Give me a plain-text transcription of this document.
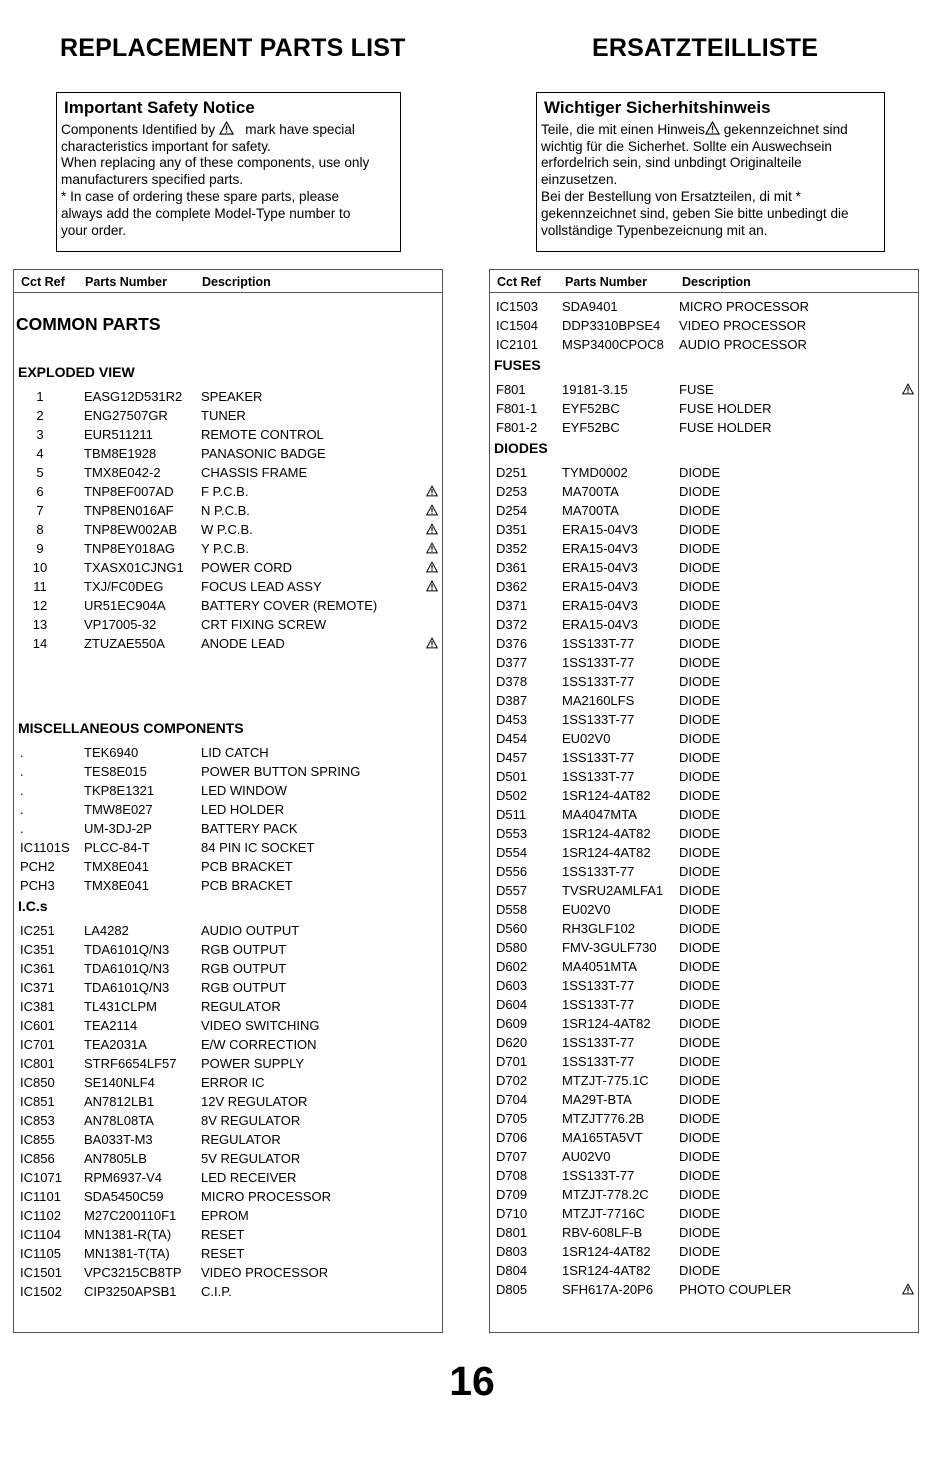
REPLACEMENT PARTS LIST	ERSATZTEILLISTE
Important Safety Notice
Components Identified by mark have special
characteristics important for safety.
When replacing any of these components, use only
manufacturers specified parts.
* In case of ordering these spare parts, please
always add the complete Model-Type number to
your order.
Wichtiger Sicherhitshinweis
Teile, die mit einen Hinweis gekennzeichnet sind
wichtig für die Sicherhet. Sollte ein Auswechsein
erfordelrich sein, sind unbdingt Originalteile
einzusetzen.
Bei der Bestellung von Ersatzteilen, di mit *
gekennzeichnet sind, geben Sie bitte unbedingt die
vollständige Typenbezeicnung mit an.
Cct Ref Parts Number	Description
COMMON PARTS
EXPLODED VIEW
1	EASG12D531R2 SPEAKER
2	ENG27507GR	TUNER
3	EUR511211	REMOTE CONTROL
4	TBM8E1928	PANASONIC BADGE
5	TMX8E042-2	CHASSIS FRAME
6	TNP8EF007AD F P.C.B.
7	TNP8EN016AF N P.C.B.
8	TNP8EW002AB W P.C.B.
9	TNP8EY018AG Y P.C.B.
10	TXASX01CJNG1 POWER CORD
11	TXJ/FC0DEG	FOCUS LEAD ASSY
12	UR51EC904A	BATTERY COVER (REMOTE)
13	VP17005-32	CRT FIXING SCREW
14	ZTUZAE550A	ANODE LEAD
MISCELLANEOUS COMPONENTS
.	TEK6940	LID CATCH
.	TES8E015	POWER BUTTON SPRING
.	TKP8E1321	LED WINDOW
.	TMW8E027	LED HOLDER
.	UM-3DJ-2P	BATTERY PACK
IC1101S PLCC-84-T	84 PIN IC SOCKET
PCH2 TMX8E041	PCB BRACKET
PCH3 TMX8E041	PCB BRACKET
I.C.s
IC251 LA4282	AUDIO OUTPUT
IC351 TDA6101Q/N3 RGB OUTPUT
IC361 TDA6101Q/N3 RGB OUTPUT
IC371 TDA6101Q/N3 RGB OUTPUT
IC381 TL431CLPM	REGULATOR
IC601 TEA2114	VIDEO SWITCHING
IC701 TEA2031A	E/W CORRECTION
IC801 STRF6654LF57 POWER SUPPLY
IC850 SE140NLF4	ERROR IC
IC851 AN7812LB1	12V REGULATOR
IC853 AN78L08TA	8V REGULATOR
IC855 BA033T-M3	REGULATOR
IC856 AN7805LB	5V REGULATOR
IC1071 RPM6937-V4	LED RECEIVER
IC1101 SDA5450C59	MICRO PROCESSOR
IC1102 M27C200110F1 EPROM
IC1104 MN1381-R(TA) RESET
IC1105 MN1381-T(TA) RESET
IC1501 VPC3215CB8TP VIDEO PROCESSOR
IC1502 CIP3250APSB1 C.I.P.
Cct Ref Parts Number	Description
IC1503 SDA9401	MICRO PROCESSOR
IC1504 DDP3310BPSE4 VIDEO PROCESSOR
IC2101 MSP3400CPOC8 AUDIO PROCESSOR
FUSES
F801	19181-3.15	FUSE
F801-1 EYF52BC	FUSE HOLDER
F801-2 EYF52BC	FUSE HOLDER
DIODES
D251	TYMD0002	DIODE
D253	MA700TA	DIODE
D254	MA700TA	DIODE
D351	ERA15-04V3	DIODE
D352	ERA15-04V3	DIODE
D361	ERA15-04V3	DIODE
D362	ERA15-04V3	DIODE
D371	ERA15-04V3	DIODE
D372	ERA15-04V3	DIODE
D376	1SS133T-77	DIODE
D377	1SS133T-77	DIODE
D378	1SS133T-77	DIODE
D387	MA2160LFS	DIODE
D453	1SS133T-77	DIODE
D454	EU02V0	DIODE
D457	1SS133T-77	DIODE
D501	1SS133T-77	DIODE
D502	1SR124-4AT82 DIODE
D511	MA4047MTA	DIODE
D553	1SR124-4AT82 DIODE
D554	1SR124-4AT82 DIODE
D556	1SS133T-77	DIODE
D557	TVSRU2AMLFA1 DIODE
D558	EU02V0	DIODE
D560	RH3GLF102	DIODE
D580	FMV-3GULF730 DIODE
D602	MA4051MTA	DIODE
D603	1SS133T-77	DIODE
D604	1SS133T-77	DIODE
D609	1SR124-4AT82 DIODE
D620	1SS133T-77	DIODE
D701	1SS133T-77	DIODE
D702	MTZJT-775.1C DIODE
D704	MA29T-BTA	DIODE
D705	MTZJT776.2B	DIODE
D706	MA165TA5VT	DIODE
D707	AU02V0	DIODE
D708	1SS133T-77	DIODE
D709	MTZJT-778.2C DIODE
D710	MTZJT-7716C	DIODE
D801	RBV-608LF-B	DIODE
D803	1SR124-4AT82 DIODE
D804	1SR124-4AT82 DIODE
D805	SFH617A-20P6 PHOTO COUPLER
16
